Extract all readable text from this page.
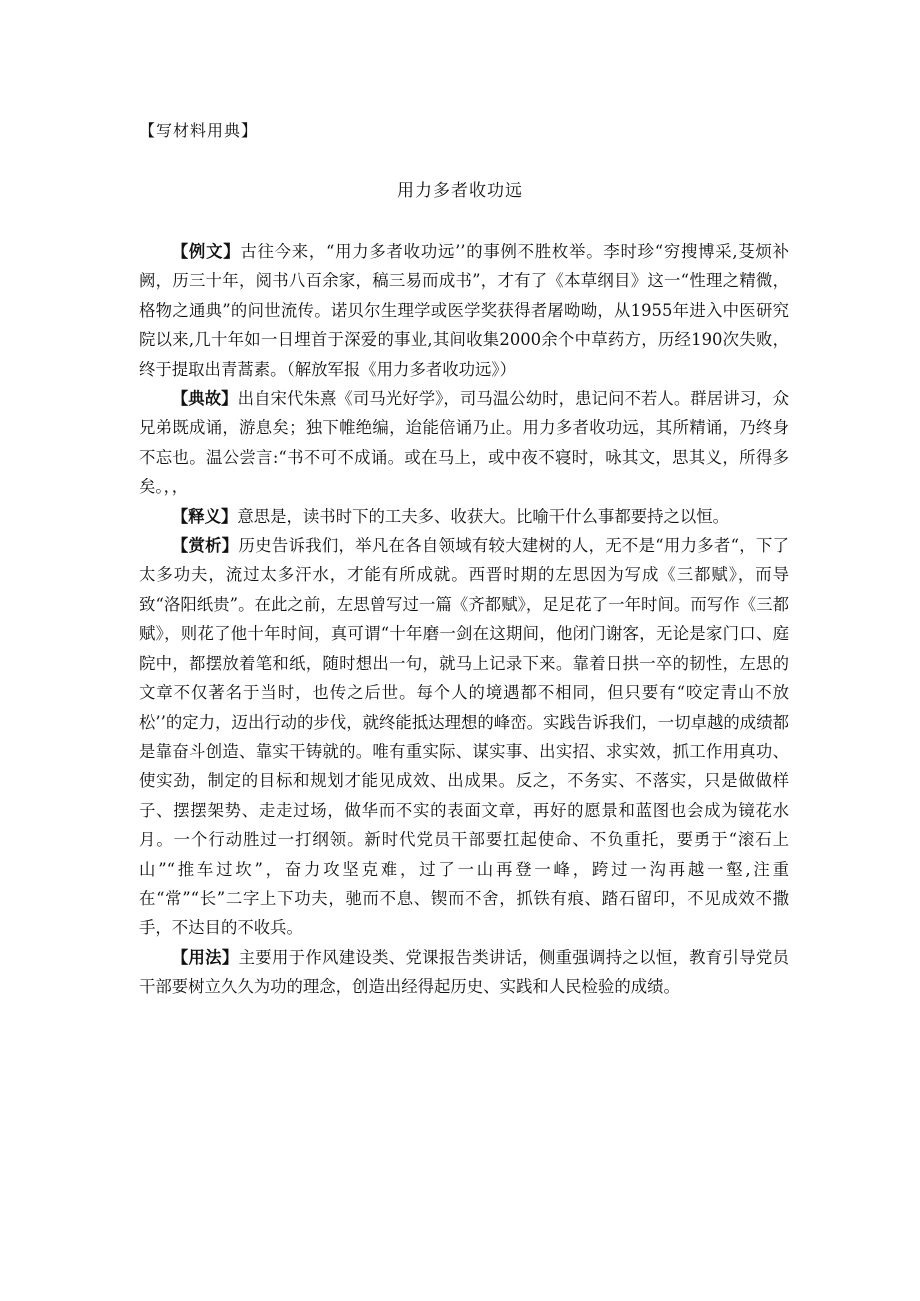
【写材料用典】
用力多者收功远

【例文】古往今来，“用力多者收功远’’的事例不胜枚举。李时珍“穷搜博采,芟烦补阙，历三十年，阅书八百余家，稿三易而成书”，才有了《本草纲目》这一“性理之精微，格物之通典”的问世流传。诺贝尔生理学或医学奖获得者屠呦呦，从1955年进入中医研究院以来,几十年如一日埋首于深爱的事业,其间收集2000余个中草药方，历经190次失败，终于提取出青蒿素。（解放军报《用力多者收功远》）

【典故】出自宋代朱熹《司马光好学》，司马温公幼时，患记问不若人。群居讲习，众兄弟既成诵，游息矣；独下帷绝编，迨能倍诵乃止。用力多者收功远，其所精诵，乃终身不忘也。温公尝言:“书不可不成诵。或在马上，或中夜不寝时，咏其文，思其义，所得多矣。，，

【释义】意思是，读书时下的工夫多、收获大。比喻干什么事都要持之以恒。

【赏析】历史告诉我们，举凡在各自领域有较大建树的人，无不是“用力多者“，下了太多功夫，流过太多汗水，才能有所成就。西晋时期的左思因为写成《三都赋》，而导致“洛阳纸贵”。在此之前，左思曾写过一篇《齐都赋》，足足花了一年时间。而写作《三都赋》，则花了他十年时间，真可谓“十年磨一剑在这期间，他闭门谢客，无论是家门口、庭院中，都摆放着笔和纸，随时想出一句，就马上记录下来。靠着日拱一卒的韧性，左思的文章不仅著名于当时，也传之后世。每个人的境遇都不相同，但只要有“咬定青山不放松’’的定力，迈出行动的步伐，就终能抵达理想的峰峦。实践告诉我们，一切卓越的成绩都是靠奋斗创造、靠实干铸就的。唯有重实际、谋实事、出实招、求实效，抓工作用真功、使实劲，制定的目标和规划才能见成效、出成果。反之，不务实、不落实，只是做做样子、摆摆架势、走走过场，做华而不实的表面文章，再好的愿景和蓝图也会成为镜花水月。一个行动胜过一打纲领。新时代党员干部要扛起使命、不负重托，要勇于“滚石上山”“推车过坎”，奋力攻坚克难，过了一山再登一峰，跨过一沟再越一壑,注重在“常”“长”二字上下功夫，驰而不息、锲而不舍，抓铁有痕、踏石留印，不见成效不撒手，不达目的不收兵。

【用法】主要用于作风建设类、党课报告类讲话，侧重强调持之以恒，教育引导党员干部要树立久久为功的理念，创造出经得起历史、实践和人民检验的成绩。
